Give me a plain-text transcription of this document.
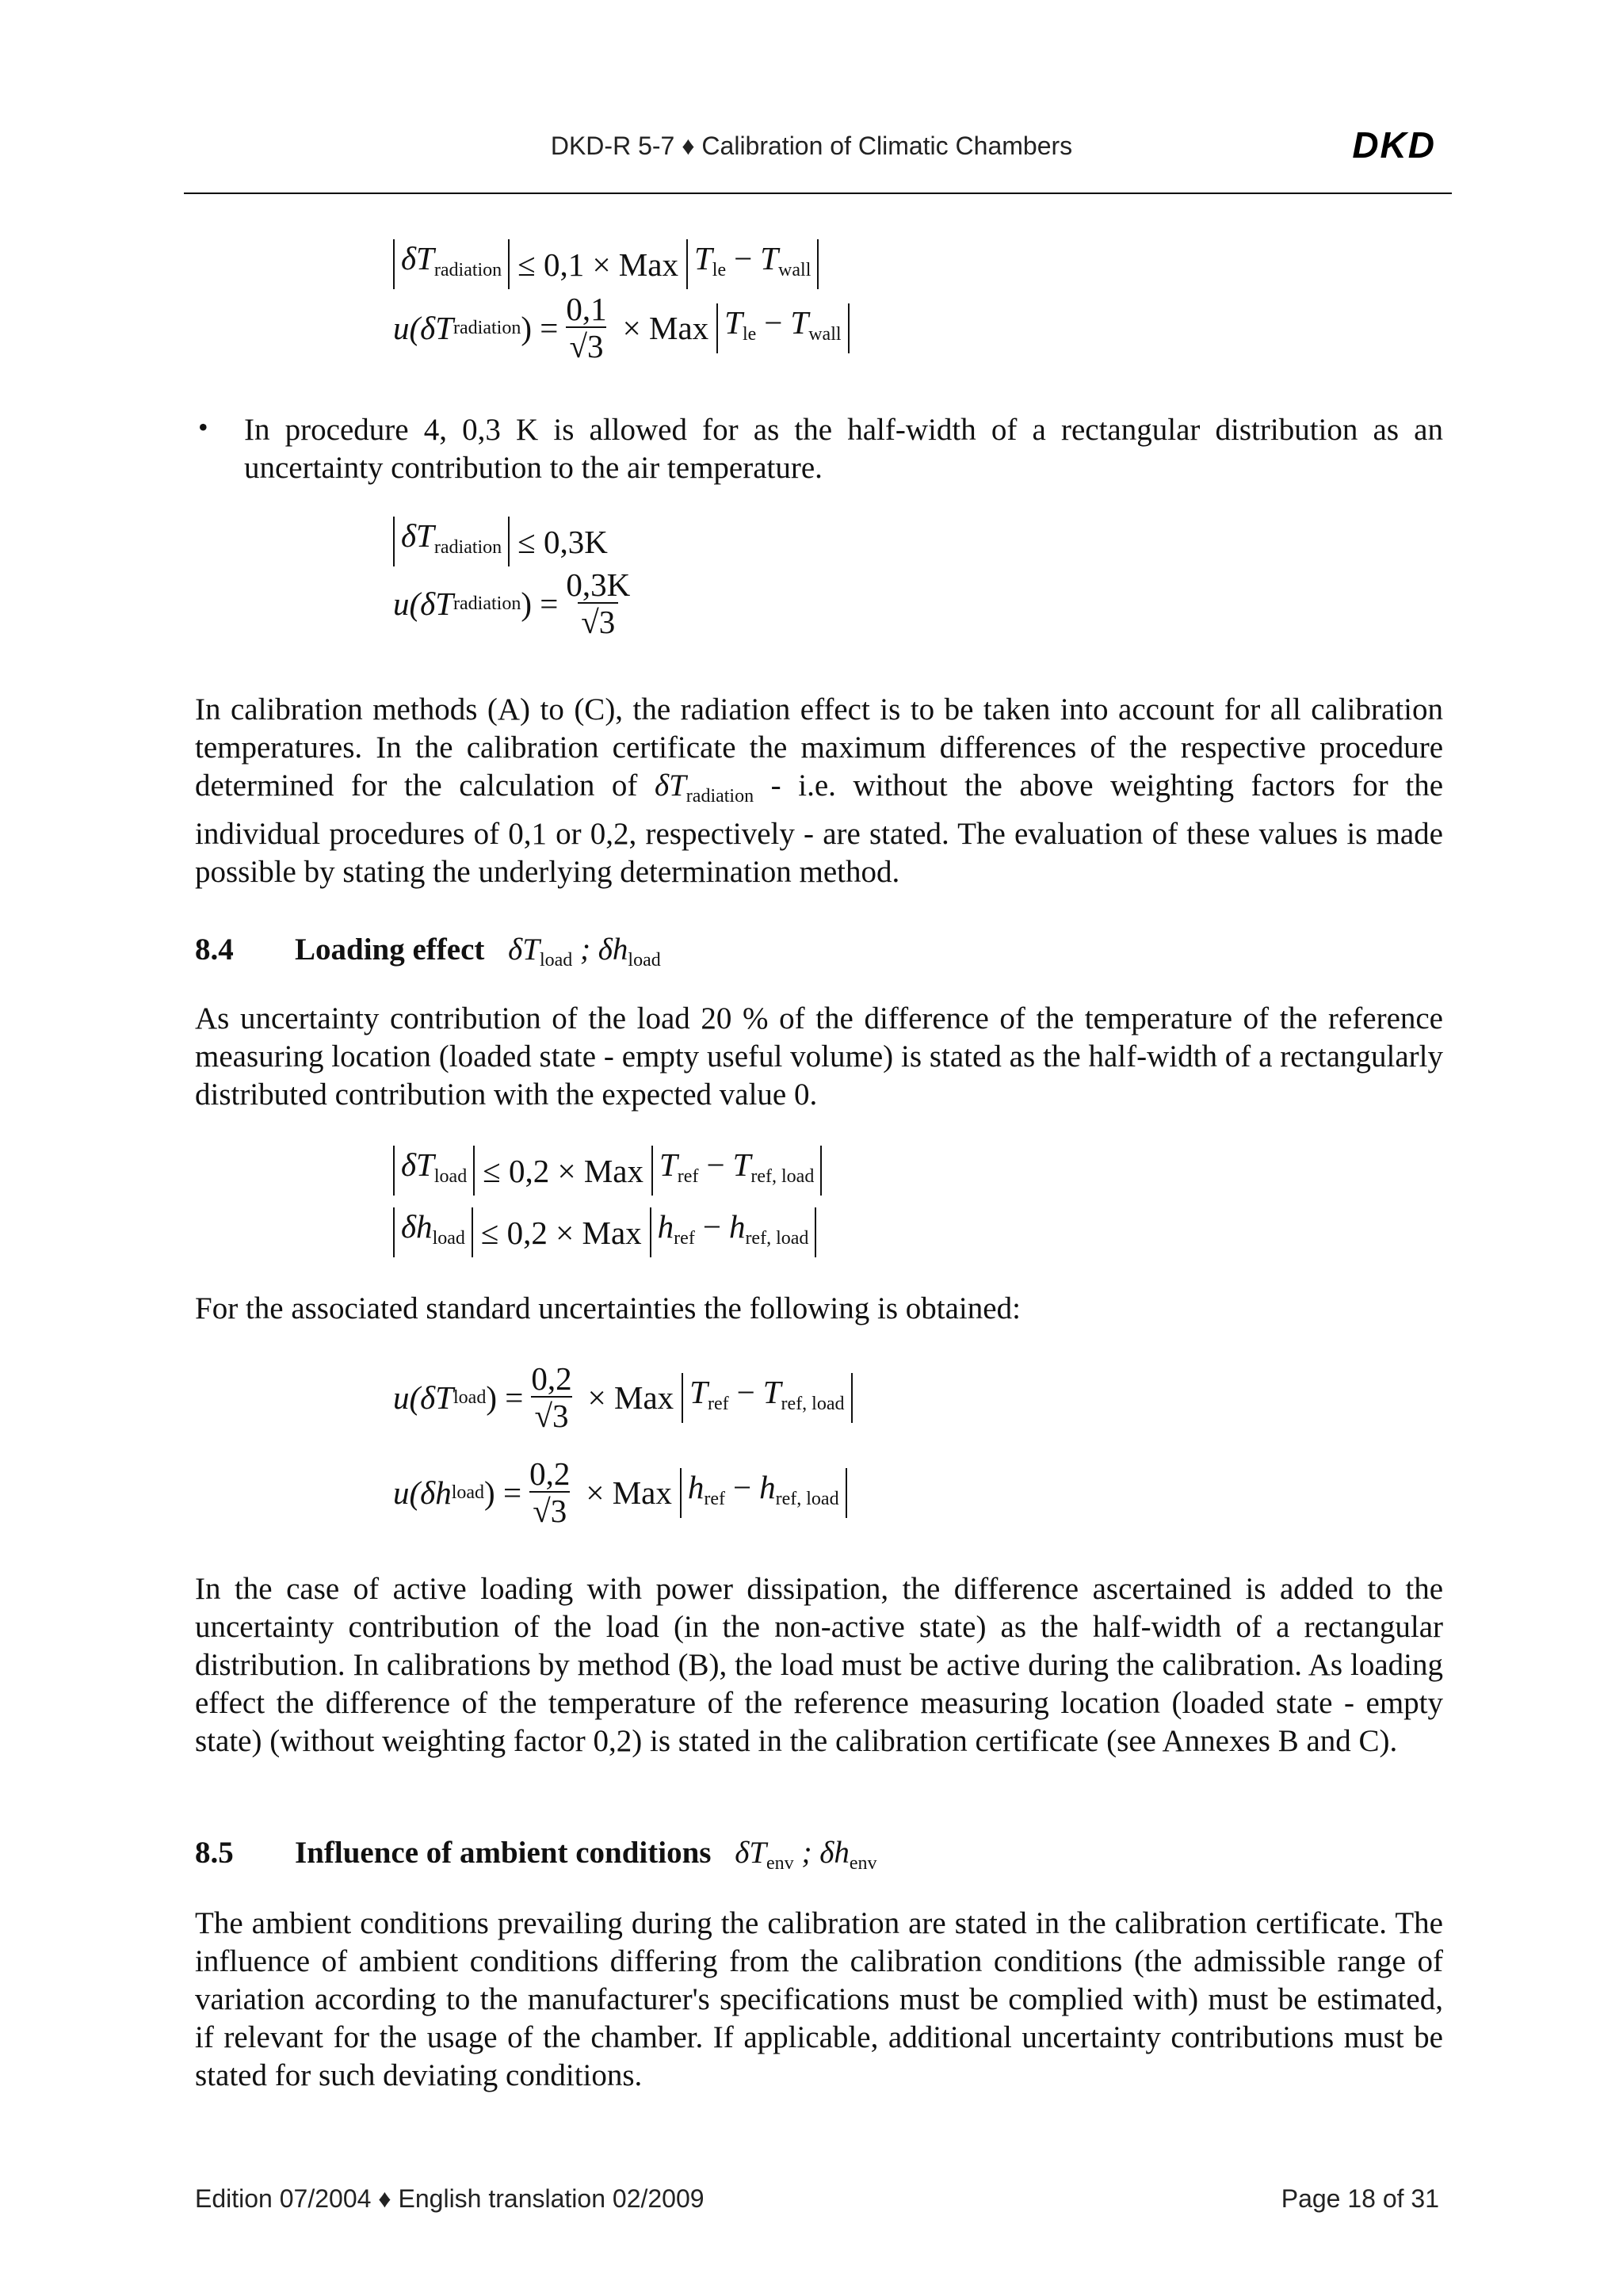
DKD-R 5-7 ♦ Calibration of Climatic Chambers	DKD
$\delta T_{radiation} \le 0,1$ × Max $T_{le} - T_{wall}$
u(δT radiation ) = $\frac{0,1}{√3}$ × Max $T_{le} - T_{wall}$
• In procedure 4, 0,3 K is allowed for as the half-width of a rectangular distribution as an uncertainty contribution to the air temperature.
$\delta T_{radiation} \le 0,3K$
u(δT radiation ) = $\frac{0,3K}{√3}$
In calibration methods (A) to (C), the radiation effect is to be taken into account for all calibration temperatures. In the calibration certificate the maximum differences of the respective procedure determined for the calculation of $\delta T_{radiation} - i.e$. without the above weighting factors for the individual procedures of 0,1 or 0,2, respectively - are stated. The evaluation of these values is made possible by stating the underlying determination method.
8.4 Loading effect $\delta T_{load}$ ; $\delta h_{load}$
As uncertainty contribution of the load 20 % of the difference of the temperature of the reference measuring location (loaded state - empty useful volume) is stated as the half-width of a rectangularly distributed contribution with the expected value 0.
$\delta T_{load} \le 0,2$ × Max $T_{ref} - T_{ref, load}$
$\delta h_{load} \le 0,2$ × Max $h_{ref} - h_{ref, load}$
For the associated standard uncertainties the following is obtained:
u(δT load ) = $\frac{0,2}{√3}$ × Max $T_{ref} - T_{ref, load}$
u(δh load ) = $\frac{0,2}{√3}$ × Max $h_{ref} - h_{ref, load}$
In the case of active loading with power dissipation, the difference ascertained is added to the uncertainty contribution of the load (in the non-active state) as the half-width of a rectangular distribution. In calibrations by method (B), the load must be active during the calibration. As loading effect the difference of the temperature of the reference measuring location (loaded state - empty state) (without weighting factor 0,2) is stated in the calibration certificate (see Annexes B and C).
8.5 Influence of ambient conditions $\delta T_{env}$ ; $\delta h_{env}$
The ambient conditions prevailing during the calibration are stated in the calibration certificate. The influence of ambient conditions differing from the calibration conditions (the admissible range of variation according to the manufacturer's specifications must be complied with) must be estimated, if relevant for the usage of the chamber. If applicable, additional uncertainty contributions must be stated for such deviating conditions.
Edition 07/2004 ♦ English translation 02/2009	Page 18 of 31
